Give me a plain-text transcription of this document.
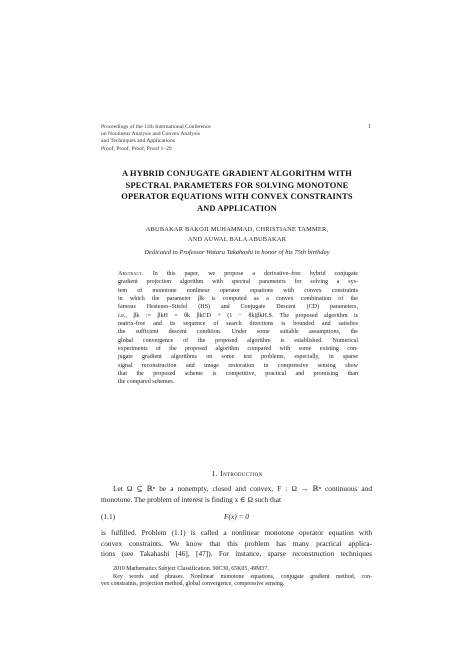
Proceedings of the 11th International Conference
on Nonlinear Analysis and Convex Analysis
and Techniques and Applications
Proof, Proof, Proof, Proof 1–29
1
A HYBRID CONJUGATE GRADIENT ALGORITHM WITH
SPECTRAL PARAMETERS FOR SOLVING MONOTONE
OPERATOR EQUATIONS WITH CONVEX CONSTRAINTS
AND APPLICATION
ABUBAKAR BAKOJI MUHAMMAD, CHRISTIANE TAMMER,
AND AUWAL BALA ABUBAKAR
Dedicated to Professor Wataru Takahashi in honor of his 75th birthday
Abstract. In this paper, we propose a derivative–free hybrid conjugate
gradient projection algorithm with spectral parameters for solving a sys-
tem of monotone nonlinear operator equations with convex constraints
in which the parameter βk is computed as a convex combination of the
famous Hestenes–Stiefel (HS) and Conjugate Descent (CD) parameters,
i.e., βk := βkH = θk βkCD + (1 − θk)βkH.S. The proposed algorithm is
matrix-free and its sequence of search directions is bounded and satisfies
the sufficient descent condition. Under some suitable assumptions, the
global convergence of the proposed algorithm is established. Numerical
experiments of the proposed algorithm compared with some existing con-
jugate gradient algorithms on some test problems, especially, in sparse
signal reconstruction and image restoration in compressive sensing show
that the proposed scheme is competitive, practical and promising than
the compared schemes.
1. Introduction
Let Ω ⊆ ℝⁿ be a nonempty, closed and convex, F : Ω → ℝⁿ continuous and
monotone. The problem of interest is finding x ∈ Ω such that
(1.1)	F(x) = 0
is fulfilled. Problem (1.1) is called a nonlinear monotone operator equation with
convex constraints. We know that this problem has many practical applica-
tions (see Takahashi [46], [47]). For instance, sparse reconstruction techniques
2010 Mathematics Subject Classification. 90C30, 65K05, 49M37.
Key words and phrases. Nonlinear monotone equations, conjugate gradient method, con-
vex constraints, projection method, global convergence, compressive sensing.
